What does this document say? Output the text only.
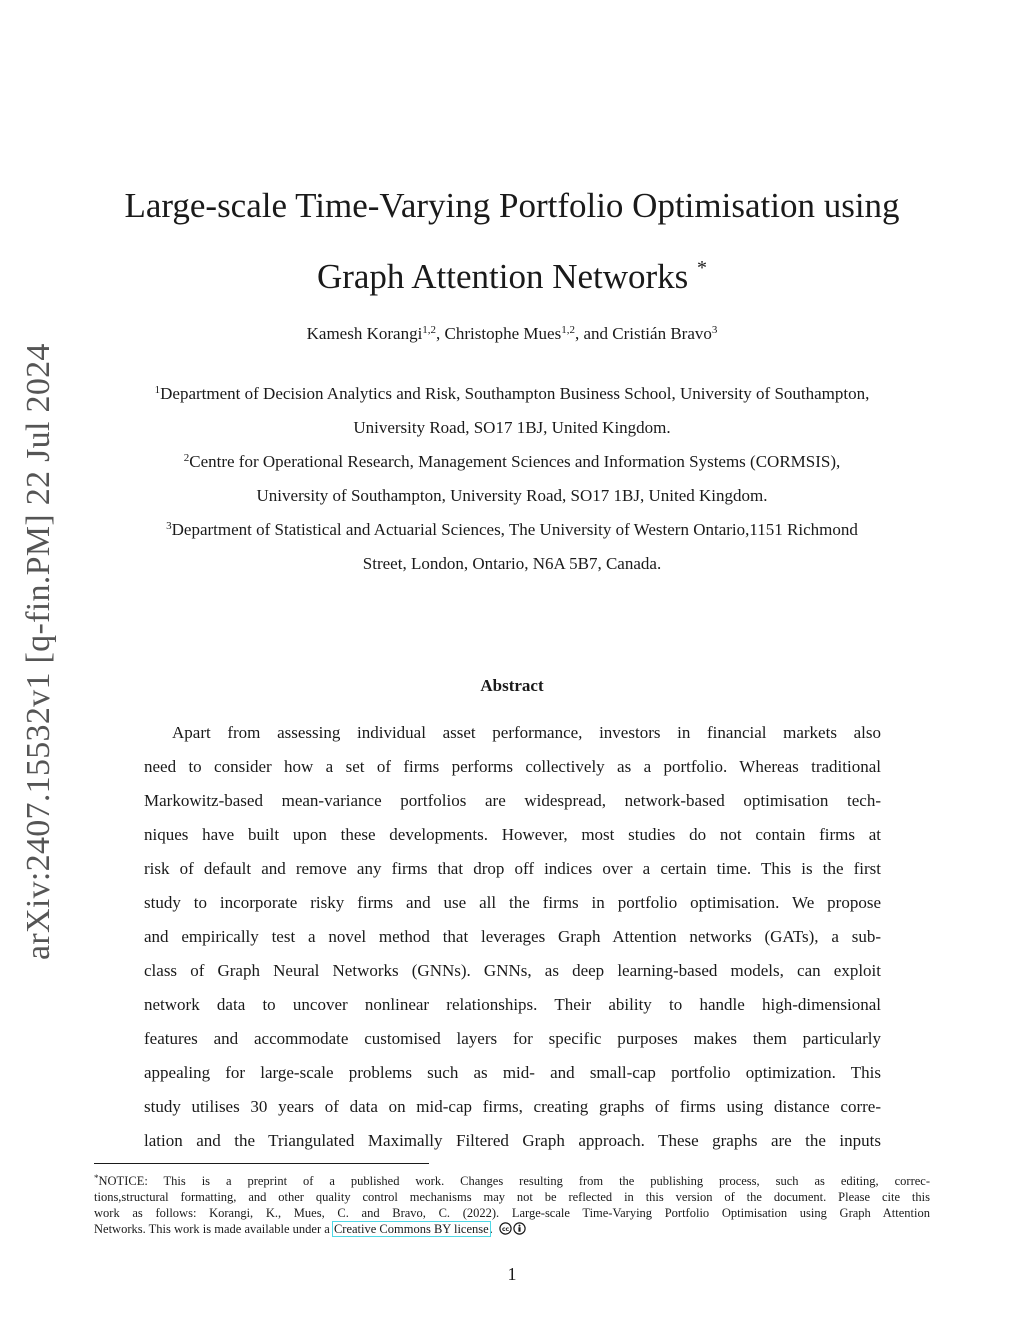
arXiv:2407.15532v1 [q-fin.PM] 22 Jul 2024
Large-scale Time-Varying Portfolio Optimisation using
Graph Attention Networks *
Kamesh Korangi$^{1,2}$, Christophe Mues$^{1,2}$, and Cristián Bravo$^3$
$^1$Department of Decision Analytics and Risk, Southampton Business School, University of Southampton,
University Road, SO17 1BJ, United Kingdom.
$^2$Centre for Operational Research, Management Sciences and Information Systems (CORMSIS),
University of Southampton, University Road, SO17 1BJ, United Kingdom.
$^3$Department of Statistical and Actuarial Sciences, The University of Western Ontario,1151 Richmond
Street, London, Ontario, N6A 5B7, Canada.
Abstract
Apart from assessing individual asset performance, investors in financial markets also
need to consider how a set of firms performs collectively as a portfolio. Whereas traditional
Markowitz-based mean-variance portfolios are widespread, network-based optimisation tech-
niques have built upon these developments. However, most studies do not contain firms at
risk of default and remove any firms that drop off indices over a certain time. This is the first
study to incorporate risky firms and use all the firms in portfolio optimisation. We propose
and empirically test a novel method that leverages Graph Attention networks (GATs), a sub-
class of Graph Neural Networks (GNNs). GNNs, as deep learning-based models, can exploit
network data to uncover nonlinear relationships. Their ability to handle high-dimensional
features and accommodate customised layers for specific purposes makes them particularly
appealing for large-scale problems such as mid- and small-cap portfolio optimization. This
study utilises 30 years of data on mid-cap firms, creating graphs of firms using distance corre-
lation and the Triangulated Maximally Filtered Graph approach. These graphs are the inputs
*NOTICE: This is a preprint of a published work. Changes resulting from the publishing process, such as editing, correc-
tions,structural formatting, and other quality control mechanisms may not be reflected in this version of the document. Please cite this
work as follows: Korangi, K., Mues, C. and Bravo, C. (2022). Large-scale Time-Varying Portfolio Optimisation using Graph Attention
Networks. This work is made available under a Creative Commons BY license. cc
1
